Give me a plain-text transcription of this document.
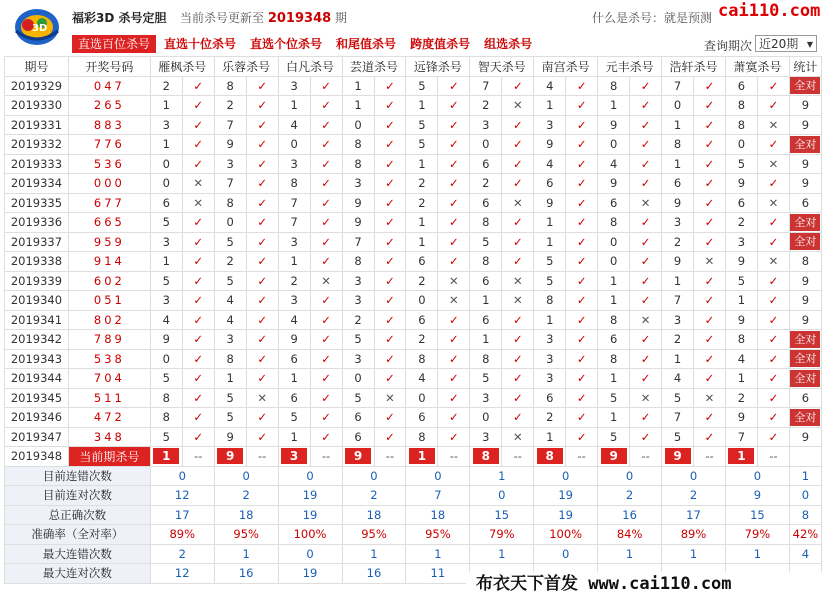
3D
福彩3D 杀号定胆 当前杀号更新至 2019348 期	什么是杀号：就是预测 cai110.com
直选百位杀号 直选十位杀号 直选个位杀号 和尾值杀号 跨度值杀号 组选杀号	查询期次 近20期 ▼
期号	开奖号码	雁枫杀号		乐蓉杀号		白凡杀号		芸道杀号		远锋杀号		智天杀号		南宫杀号		元丰杀号		浩轩杀号		萧寞杀号		统计
2019329	047	2	✓	8	✓	3	✓	1	✓	5	✓	7	✓	4	✓	8	✓	7	✓	6	✓	全对
2019330	265	1	✓	2	✓	1	✓	1	✓	1	✓	2	✕	1	✓	1	✓	0	✓	8	✓	9
2019331	883	3	✓	7	✓	4	✓	0	✓	5	✓	3	✓	3	✓	9	✓	1	✓	8	✕	9
2019332	776	1	✓	9	✓	0	✓	8	✓	5	✓	0	✓	9	✓	0	✓	8	✓	0	✓	全对
2019333	536	0	✓	3	✓	3	✓	8	✓	1	✓	6	✓	4	✓	4	✓	1	✓	5	✕	9
2019334	000	0	✕	7	✓	8	✓	3	✓	2	✓	2	✓	6	✓	9	✓	6	✓	9	✓	9
2019335	677	6	✕	8	✓	7	✓	9	✓	2	✓	6	✕	9	✓	6	✕	9	✓	6	✕	6
2019336	665	5	✓	0	✓	7	✓	9	✓	1	✓	8	✓	1	✓	8	✓	3	✓	2	✓	全对
2019337	959	3	✓	5	✓	3	✓	7	✓	1	✓	5	✓	1	✓	0	✓	2	✓	3	✓	全对
2019338	914	1	✓	2	✓	1	✓	8	✓	6	✓	8	✓	5	✓	0	✓	9	✕	9	✕	8
2019339	602	5	✓	5	✓	2	✕	3	✓	2	✕	6	✕	5	✓	1	✓	1	✓	5	✓	9
2019340	051	3	✓	4	✓	3	✓	3	✓	0	✕	1	✕	8	✓	1	✓	7	✓	1	✓	9
2019341	802	4	✓	4	✓	4	✓	2	✓	6	✓	6	✓	1	✓	8	✕	3	✓	9	✓	9
2019342	789	9	✓	3	✓	9	✓	5	✓	2	✓	1	✓	3	✓	6	✓	2	✓	8	✓	全对
2019343	538	0	✓	8	✓	6	✓	3	✓	8	✓	8	✓	3	✓	8	✓	1	✓	4	✓	全对
2019344	704	5	✓	1	✓	1	✓	0	✓	4	✓	5	✓	3	✓	1	✓	4	✓	1	✓	全对
2019345	511	8	✓	5	✕	6	✓	5	✕	0	✓	3	✓	6	✓	5	✕	5	✕	2	✓	6
2019346	472	8	✓	5	✓	5	✓	6	✓	6	✓	0	✓	2	✓	1	✓	7	✓	9	✓	全对
2019347	348	5	✓	9	✓	1	✓	6	✓	8	✓	3	✕	1	✓	5	✓	5	✓	7	✓	9
2019348	当前期杀号	1	--	9	--	3	--	9	--	1	--	8	--	8	--	9	--	9	--	1	--	
目前连错次数		0		0		0		0		0		1		0		0		0		0		1
目前连对次数		12		2		19		2		7		0		19		2		2		9		0
总正确次数		17		18		19		18		18		15		19		16		17		15		8
准确率（全对率）		89%		95%		100%		95%		95%		79%		100%		84%		89%		79%		42%
最大连错次数		2		1		0		1		1		1		0		1		1		1		4
最大连对次数		12		16		19		16		11												
布衣天下首发 www.cai110.com
